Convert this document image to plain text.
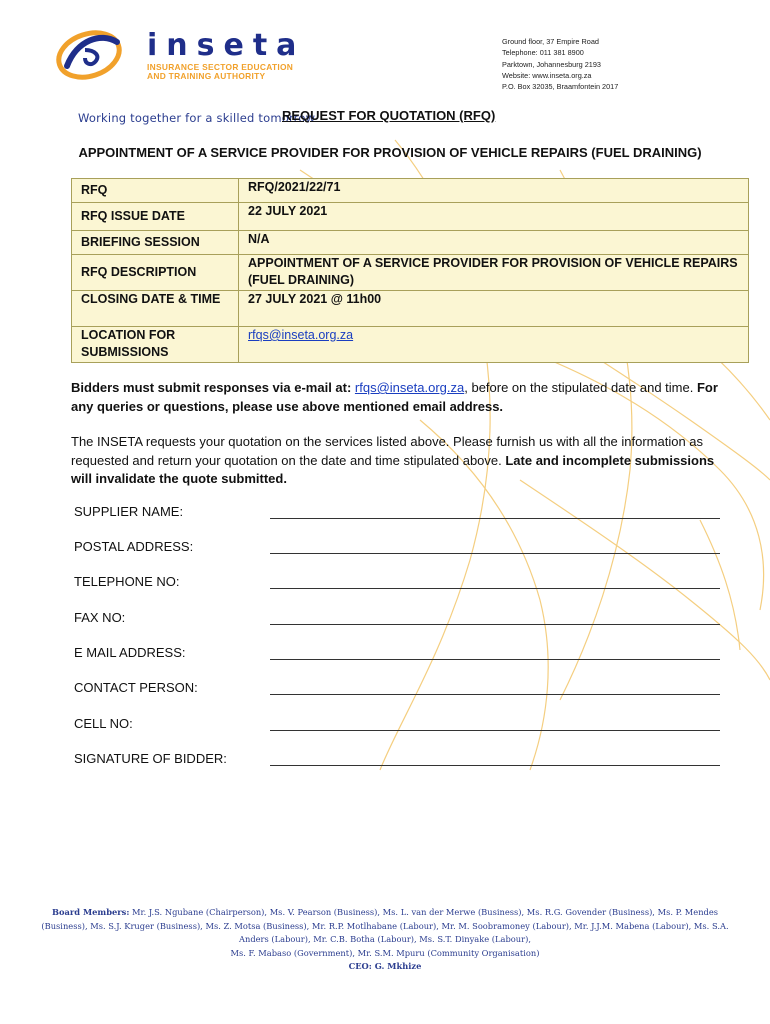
inseta
INSURANCE SECTOR EDUCATION
AND TRAINING AUTHORITY
Ground floor, 37 Empire Road
Telephone: 011 381 8900
Parktown, Johannesburg 2193
Website: www.inseta.org.za
P.O. Box 32035, Braamfontein 2017
Working together for a skilled tomorrow
REQUEST FOR QUOTATION (RFQ)
APPOINTMENT OF A SERVICE PROVIDER FOR PROVISION OF VEHICLE REPAIRS (FUEL DRAINING)
RFQ	RFQ/2021/22/71
RFQ ISSUE DATE	22 JULY 2021
BRIEFING SESSION	N/A
RFQ DESCRIPTION	APPOINTMENT OF A SERVICE PROVIDER FOR PROVISION OF VEHICLE REPAIRS (FUEL DRAINING)
CLOSING DATE & TIME	27 JULY 2021 @ 11h00
LOCATION FOR SUBMISSIONS	rfqs@inseta.org.za
Bidders must submit responses via e-mail at: rfqs@inseta.org.za, before on the stipulated date and time. For any queries or questions, please use above mentioned email address.
The INSETA requests your quotation on the services listed above. Please furnish us with all the information as requested and return your quotation on the date and time stipulated above. Late and incomplete submissions will invalidate the quote submitted.
SUPPLIER NAME:
POSTAL ADDRESS:
TELEPHONE NO:
FAX NO:
E MAIL ADDRESS:
CONTACT PERSON:
CELL NO:
SIGNATURE OF BIDDER:
Board Members: Mr. J.S. Ngubane (Chairperson), Ms. V. Pearson (Business), Ms. L. van der Merwe (Business), Ms. R.G. Govender (Business), Ms. P. Mendes
(Business), Ms. S.J. Kruger (Business), Ms. Z. Motsa (Business), Mr. R.P. Motlhabane (Labour), Mr. M. Soobramoney (Labour), Mr. J.J.M. Mabena (Labour), Ms. S.A.
Anders (Labour), Mr. C.B. Botha (Labour), Ms. S.T. Dinyake (Labour),
Ms. F. Mabaso (Government), Mr. S.M. Mpuru (Community Organisation)
CEO: G. Mkhize
